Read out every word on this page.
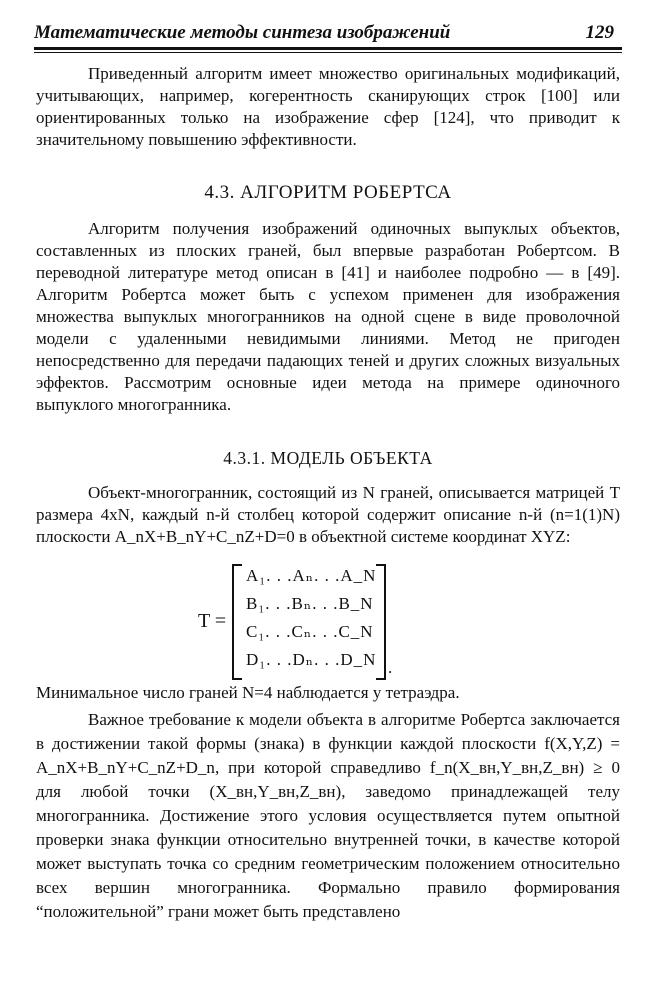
Математические методы синтеза изображений	129

Приведенный алгоритм имеет множество оригинальных модификаций, учитывающих, например, когерентность сканирующих строк [100] или ориентированных только на изображение сфер [124], что приводит к значительному повышению эффективности.

4.3. АЛГОРИТМ РОБЕРТСА

Алгоритм получения изображений одиночных выпуклых объектов, составленных из плоских граней, был впервые разработан Робертсом. В переводной литературе метод описан в [41] и наиболее подробно — в [49]. Алгоритм Робертса может быть с успехом применен для изображения множества выпуклых многогранников на одной сцене в виде проволочной модели с удаленными невидимыми линиями. Метод не пригоден непосредственно для передачи падающих теней и других сложных визуальных эффектов. Рассмотрим основные идеи метода на примере одиночного выпуклого многогранника.

4.3.1. МОДЕЛЬ ОБЪЕКТА

Объект-многогранник, состоящий из N граней, описывается матрицей T размера 4xN, каждый n-й столбец которой содержит описание n-й (n=1(1)N) плоскости A_nX+B_nY+C_nZ+D=0 в объектной системе координат XYZ:

T =
A₁. . .Aₙ. . .A_N
B₁. . .Bₙ. . .B_N
C₁. . .Cₙ. . .C_N
D₁. . .Dₙ. . .D_N .

Минимальное число граней N=4 наблюдается у тетраэдра.

Важное требование к модели объекта в алгоритме Робертса заключается в достижении такой формы (знака) в функции каждой плоскости f(X,Y,Z) = A_nX+B_nY+C_nZ+D_n, при которой справедливо f_n(X_вн,Y_вн,Z_вн) ≥ 0 для любой точки (X_вн,Y_вн,Z_вн), заведомо принадлежащей телу многогранника. Достижение этого условия осуществляется путем опытной проверки знака функции относительно внутренней точки, в качестве которой может выступать точка со средним геометрическим положением относительно всех вершин многогранника. Формально правило формирования “положительной” грани может быть представлено
